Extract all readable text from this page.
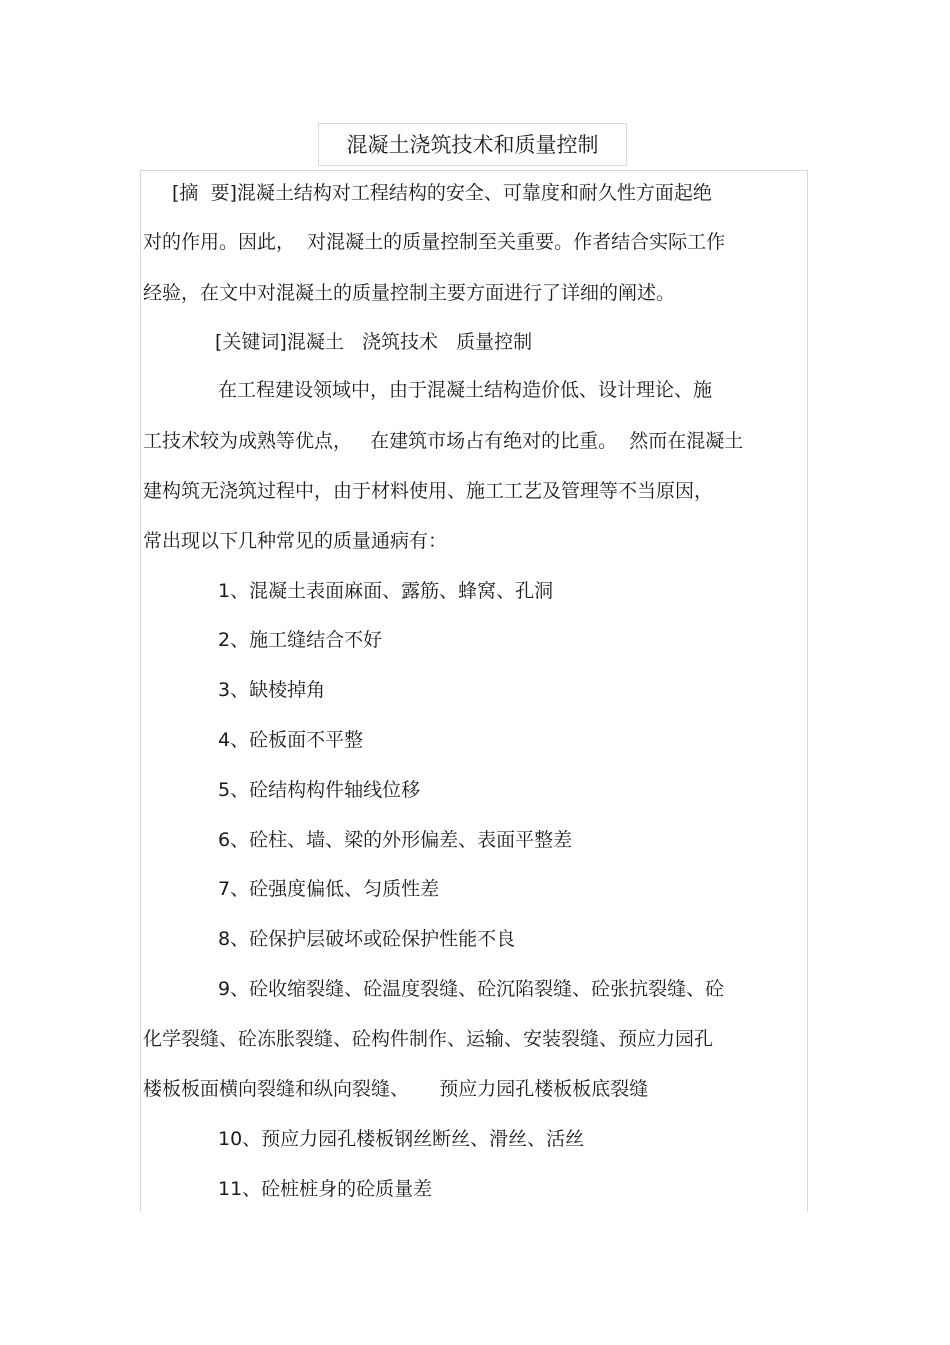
混凝土浇筑技术和质量控制
[摘  要]混凝土结构对工程结构的安全、可靠度和耐久性方面起绝
对的作用。因此，  对混凝土的质量控制至关重要。作者结合实际工作
经验，在文中对混凝土的质量控制主要方面进行了详细的阐述。
[关键词]混凝土   浇筑技术   质量控制
在工程建设领域中，由于混凝土结构造价低、设计理论、施
工技术较为成熟等优点，   在建筑市场占有绝对的比重。  然而在混凝土
建构筑无浇筑过程中，由于材料使用、施工工艺及管理等不当原因，
常出现以下几种常见的质量通病有：
1、混凝土表面麻面、露筋、蜂窝、孔洞
2、施工缝结合不好
3、缺棱掉角
4、砼板面不平整
5、砼结构构件轴线位移
6、砼柱、墙、梁的外形偏差、表面平整差
7、砼强度偏低、匀质性差
8、砼保护层破坏或砼保护性能不良
9、砼收缩裂缝、砼温度裂缝、砼沉陷裂缝、砼张抗裂缝、砼
化学裂缝、砼冻胀裂缝、砼构件制作、运输、安装裂缝、预应力园孔
楼板板面横向裂缝和纵向裂缝、     预应力园孔楼板板底裂缝
10、预应力园孔楼板钢丝断丝、滑丝、活丝
11、砼桩桩身的砼质量差
